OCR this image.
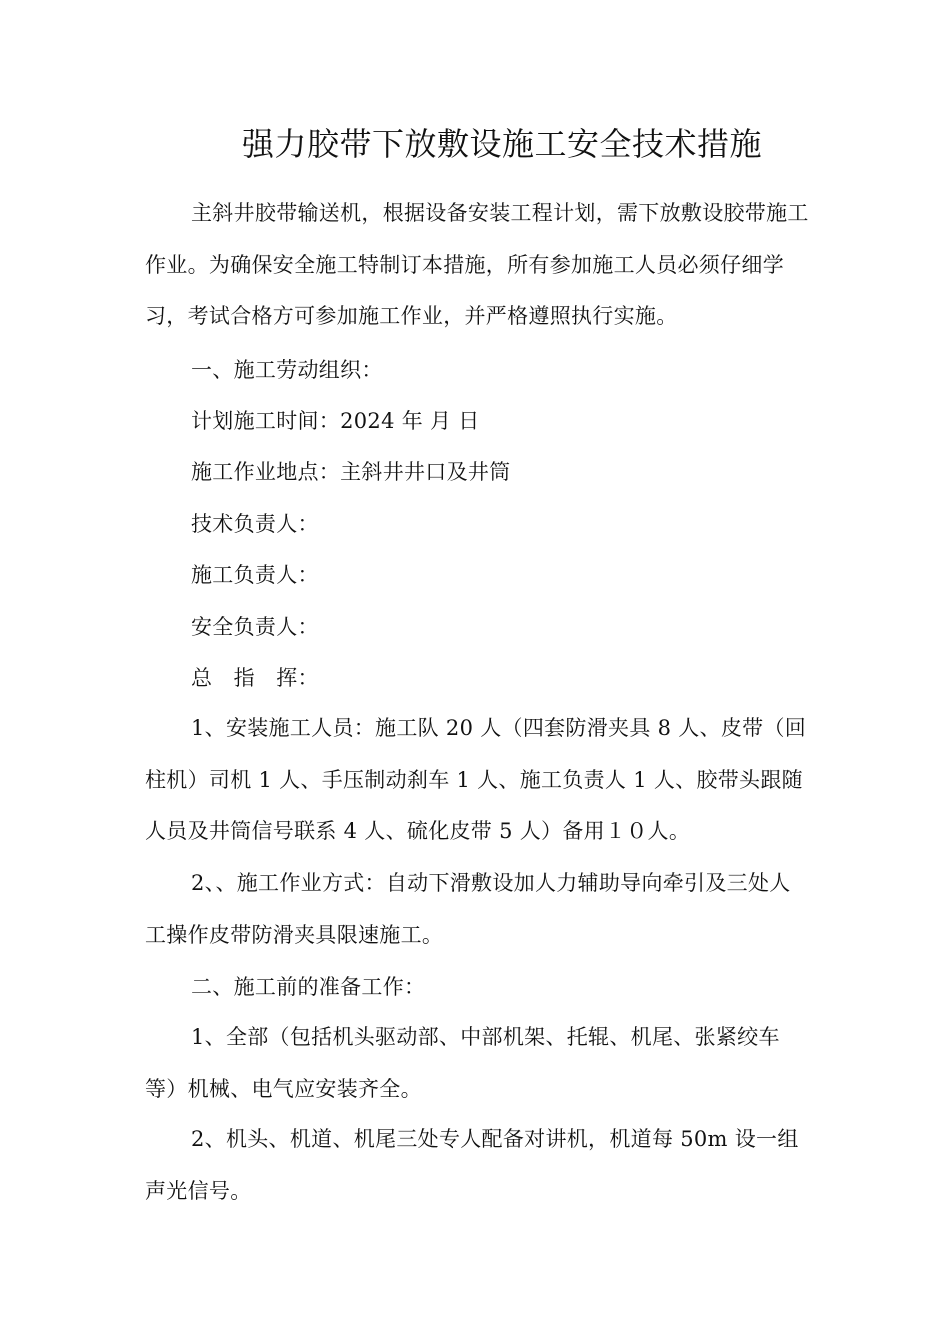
强力胶带下放敷设施工安全技术措施
主斜井胶带输送机，根据设备安装工程计划，需下放敷设胶带施工作业。为确保安全施工特制订本措施，所有参加施工人员必须仔细学习，考试合格方可参加施工作业，并严格遵照执行实施。
一、施工劳动组织：
计划施工时间：2024 年 月 日
施工作业地点：主斜井井口及井筒
技术负责人：
施工负责人：
安全负责人：
总　指　挥：
1、安装施工人员：施工队 20 人（四套防滑夹具 8 人、皮带（回柱机）司机 1 人、手压制动刹车 1 人、施工负责人 1 人、胶带头跟随人员及井筒信号联系 4 人、硫化皮带 5 人）备用１０人。
2、、施工作业方式：自动下滑敷设加人力辅助导向牵引及三处人工操作皮带防滑夹具限速施工。
二、施工前的准备工作：
1、全部（包括机头驱动部、中部机架、托辊、机尾、张紧绞车等）机械、电气应安装齐全。
2、机头、机道、机尾三处专人配备对讲机，机道每 50m 设一组声光信号。
